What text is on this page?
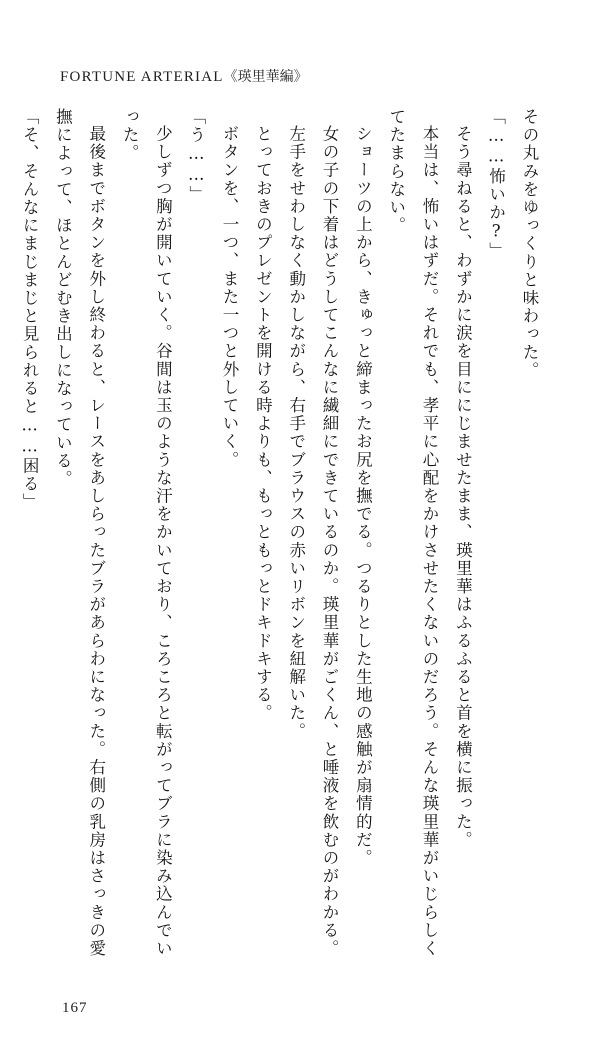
FORTUNE ARTERIAL《瑛里華編》

その丸みをゆっくりと味わった。

「……怖いか?」

そう尋ねると、わずかに涙を目ににじませたまま、瑛里華はふるふると首を横に振った。

本当は、怖いはずだ。それでも、孝平に心配をかけさせたくないのだろう。そんな瑛里華がいじらしくてたまらない。

ショーツの上から、きゅっと締まったお尻を撫でる。つるりとした生地の感触が扇情的だ。

女の子の下着はどうしてこんなに繊細にできているのか。瑛里華がごくん、と唾液を飲むのがわかる。

左手をせわしなく動かしながら、右手でブラウスの赤いリボンを紐解いた。

とっておきのプレゼントを開ける時よりも、もっともっとドキドキする。

ボタンを、一つ、また一つと外していく。

「う……」

少しずつ胸が開いていく。谷間は玉のような汗をかいており、ころころと転がってブラに染み込んでいった。

最後までボタンを外し終わると、レースをあしらったブラがあらわになった。右側の乳房はさっきの愛撫によって、ほとんどむき出しになっている。

「そ、そんなにまじまじと見られると……困る」

167
